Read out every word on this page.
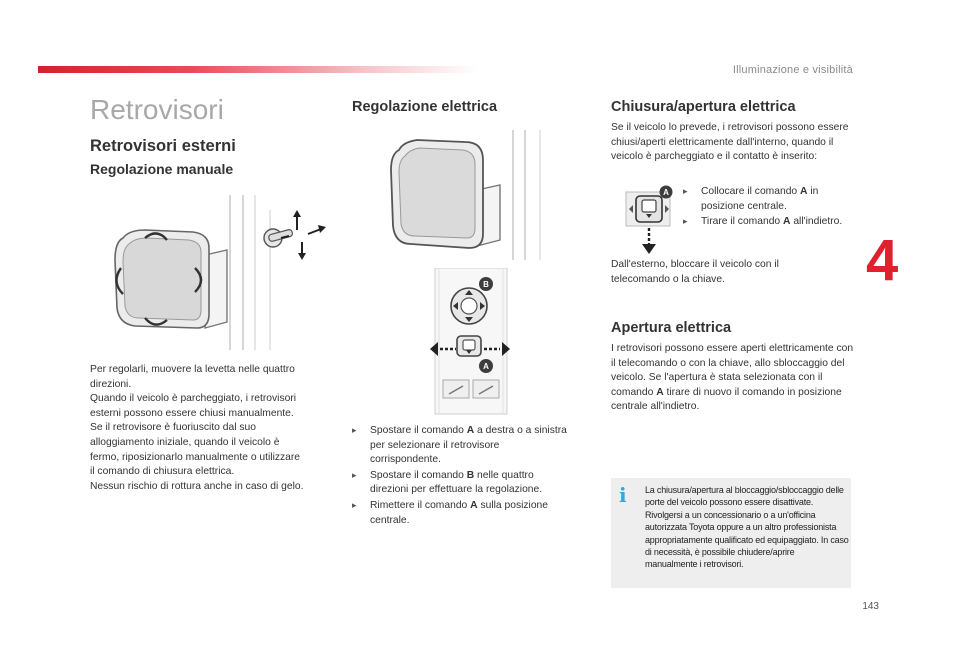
Illuminazione e visibilità
4
143
Retrovisori
Retrovisori esterni
Regolazione manuale

Per regolarli, muovere la levetta nelle quattro

direzioni.

Quando il veicolo è parcheggiato, i retrovisori

esterni possono essere chiusi manualmente.

Se il retrovisore è fuoriuscito dal suo

alloggiamento iniziale, quando il veicolo è

fermo, riposizionarlo manualmente o utilizzare

il comando di chiusura elettrica.

Nessun rischio di rottura anche in caso di gelo.

Regolazione elettrica
B
A
▸ Spostare il comando A a destra o a sinistra per selezionare il retrovisore corrispondente.
▸ Spostare il comando B nelle quattro direzioni per effettuare la regolazione.
▸ Rimettere il comando A sulla posizione centrale.
Chiusura/apertura elettrica

Se il veicolo lo prevede, i retrovisori possono essere chiusi/aperti elettricamente dall'interno, quando il veicolo è parcheggiato e il contatto è inserito:

A ▸ Collocare il comando A in posizione centrale.
▸ Tirare il comando A all'indietro.

Dall'esterno, bloccare il veicolo con il telecomando o la chiave.

Apertura elettrica

I retrovisori possono essere aperti elettricamente con il telecomando o con la chiave, allo sbloccaggio del veicolo. Se l'apertura è stata selezionata con il comando A tirare di nuovo il comando in posizione centrale all'indietro.

i La chiusura/apertura al bloccaggio/sbloccaggio delle porte del veicolo possono essere disattivate. Rivolgersi a un concessionario o a un'officina autorizzata Toyota oppure a un altro professionista appropriatamente qualificato ed equipaggiato. In caso di necessità, è possibile chiudere/aprire manualmente i retrovisori.
